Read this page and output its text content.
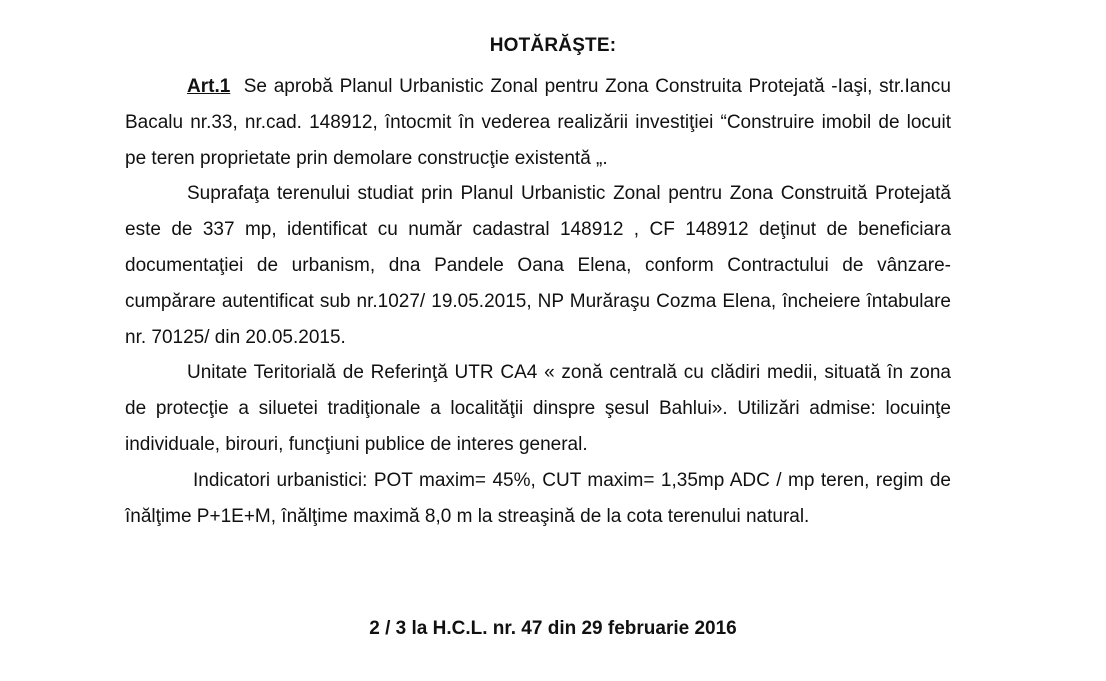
HOTĂRĂŞTE:

Art.1 Se aprobă Planul Urbanistic Zonal pentru Zona Construita Protejată -Iaşi, str.Iancu Bacalu nr.33, nr.cad. 148912, întocmit în vederea realizării investiţiei “Construire imobil de locuit pe teren proprietate prin demolare construcţie existentă „.

Suprafaţa terenului studiat prin Planul Urbanistic Zonal pentru Zona Construită Protejată este de 337 mp, identificat cu număr cadastral 148912 , CF 148912 deţinut de beneficiara documentaţiei de urbanism, dna Pandele Oana Elena, conform Contractului de vânzare-cumpărare autentificat sub nr.1027/ 19.05.2015, NP Murăraşu Cozma Elena, încheiere întabulare nr. 70125/ din 20.05.2015.

Unitate Teritorială de Referinţă UTR CA4 « zonă centrală cu clădiri medii, situată în zona de protecţie a siluetei tradiţionale a localităţii dinspre şesul Bahlui». Utilizări admise: locuinţe individuale, birouri, funcţiuni publice de interes general.

Indicatori urbanistici: POT maxim= 45%, CUT maxim= 1,35mp ADC / mp teren, regim de înălţime P+1E+M, înălţime maximă 8,0 m la streaşină de la cota terenului natural.

2 / 3 la H.C.L. nr. 47 din 29 februarie 2016
